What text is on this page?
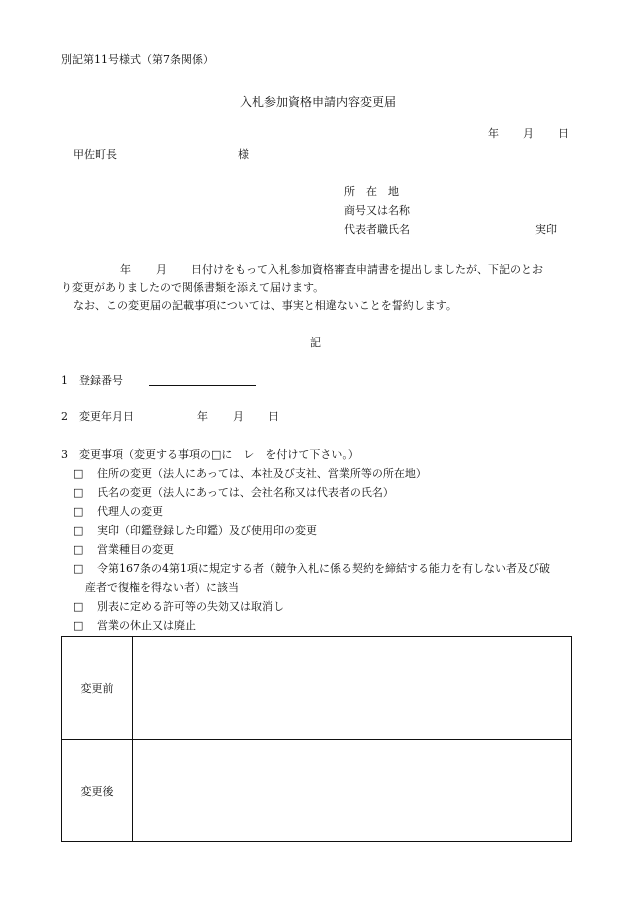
別記第11号様式（第7条関係）
入札参加資格申請内容変更届
年 月 日
甲佐町長	様
所　在　地
商号又は名称
代表者職氏名	実印
年 月 日付けをもって入札参加資格審査申請書を提出しましたが、下記のとお
り変更がありましたので関係書類を添えて届けます。
なお、この変更届の記載事項については、事実と相違ないことを誓約します。
記
1　登録番号
2　変更年月日	年 月 日
3　変更事項（変更する事項の□に　レ　を付けて下さい。）
□ 住所の変更（法人にあっては、本社及び支社、営業所等の所在地）
□ 氏名の変更（法人にあっては、会社名称又は代表者の氏名）
□ 代理人の変更
□ 実印（印鑑登録した印鑑）及び使用印の変更
□ 営業種目の変更
□ 令第167条の4第1項に規定する者（競争入札に係る契約を締結する能力を有しない者及び破
産者で復権を得ない者）に該当
□ 別表に定める許可等の失効又は取消し
□ 営業の休止又は廃止
変更前	
変更後	
